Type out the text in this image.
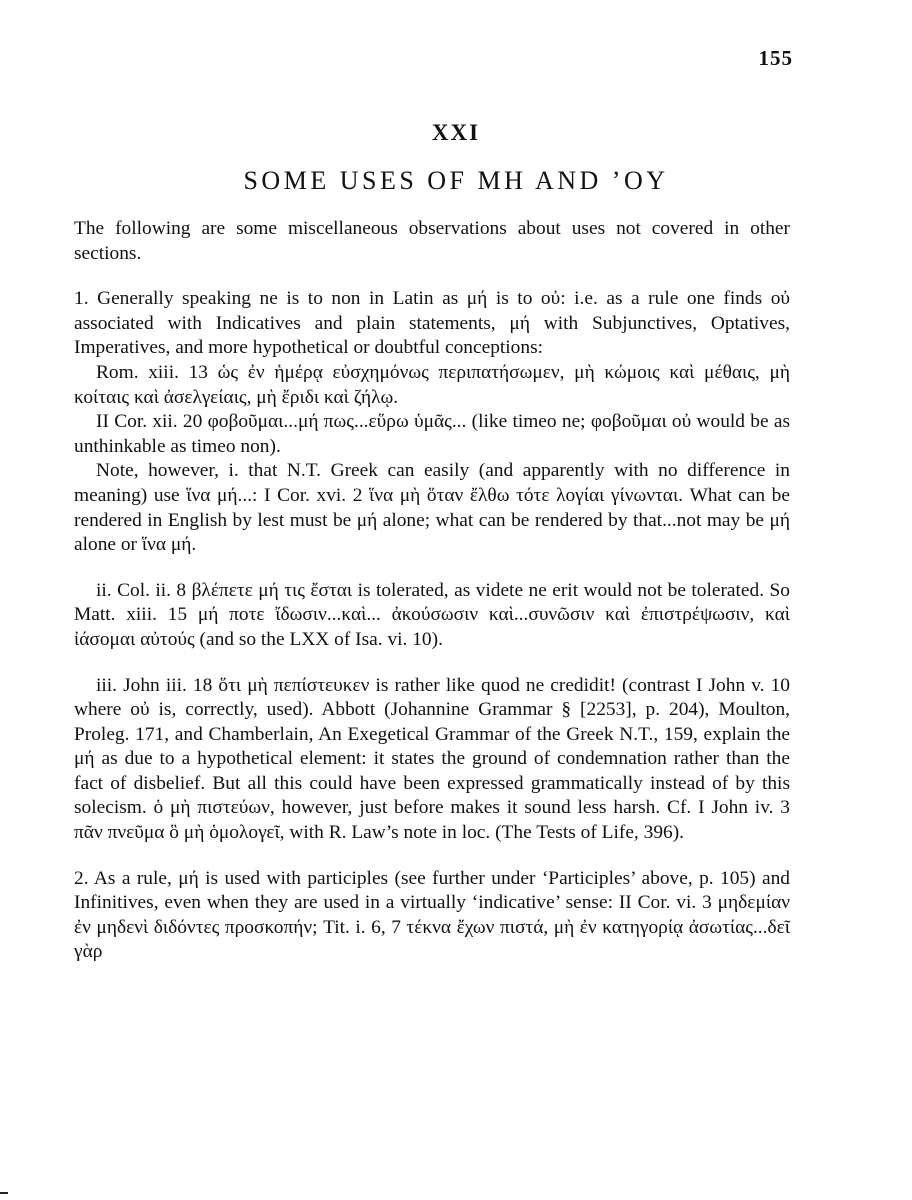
155
XXI
SOME USES OF MH AND ’OY

The following are some miscellaneous observations about uses not covered in other sections.

1. Generally speaking ne is to non in Latin as μή is to οὐ: i.e. as a rule one finds οὐ associated with Indicatives and plain statements, μή with Subjunctives, Optatives, Imperatives, and more hypothetical or doubtful conceptions:

Rom. xiii. 13 ὡς ἐν ἡμέρᾳ εὐσχημόνως περιπατήσωμεν, μὴ κώμοις καὶ μέθαις, μὴ κοίταις καὶ ἀσελγείαις, μὴ ἔριδι καὶ ζήλῳ.

II Cor. xii. 20 φοβοῦμαι...μή πως...εὕρω ὑμᾶς... (like timeo ne; φοβοῦμαι οὐ would be as unthinkable as timeo non).

Note, however, i. that N.T. Greek can easily (and apparently with no difference in meaning) use ἵνα μή...: I Cor. xvi. 2 ἵνα μὴ ὅταν ἔλθω τότε λογίαι γίνωνται. What can be rendered in English by lest must be μή alone; what can be rendered by that...not may be μή alone or ἵνα μή.

ii. Col. ii. 8 βλέπετε μή τις ἔσται is tolerated, as videte ne erit would not be tolerated. So Matt. xiii. 15 μή ποτε ἴδωσιν...καὶ... ἀκούσωσιν καὶ...συνῶσιν καὶ ἐπιστρέψωσιν, καὶ ἰάσομαι αὐτούς (and so the LXX of Isa. vi. 10).

iii. John iii. 18 ὅτι μὴ πεπίστευκεν is rather like quod ne credidit! (contrast I John v. 10 where οὐ is, correctly, used). Abbott (Johannine Grammar § [2253], p. 204), Moulton, Proleg. 171, and Chamberlain, An Exegetical Grammar of the Greek N.T., 159, explain the μή as due to a hypothetical element: it states the ground of condemnation rather than the fact of disbelief. But all this could have been expressed grammatically instead of by this solecism. ὁ μὴ πιστεύων, however, just before makes it sound less harsh. Cf. I John iv. 3 πᾶν πνεῦμα ὃ μὴ ὁμολογεῖ, with R. Law’s note in loc. (The Tests of Life, 396).

2. As a rule, μή is used with participles (see further under ‘Participles’ above, p. 105) and Infinitives, even when they are used in a virtually ‘indicative’ sense: II Cor. vi. 3 μηδεμίαν ἐν μηδενὶ διδόντες προσκοπήν; Tit. i. 6, 7 τέκνα ἔχων πιστά, μὴ ἐν κατηγορίᾳ ἀσωτίας...δεῖ γὰρ
